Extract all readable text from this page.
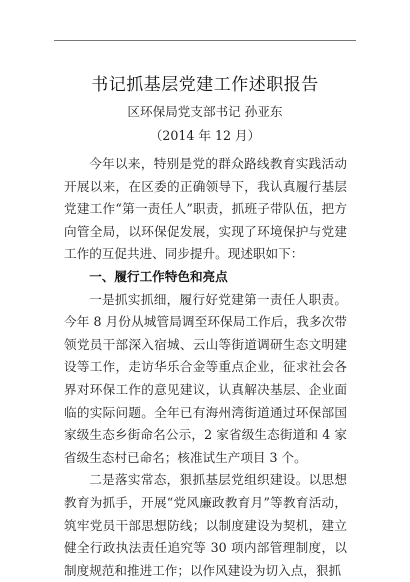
书记抓基层党建工作述职报告
区环保局党支部书记 孙亚东
（2014 年 12 月）

今年以来，特别是党的群众路线教育实践活动开展以来，在区委的正确领导下，我认真履行基层党建工作“第一责任人”职责，抓班子带队伍，把方向管全局，以环保促发展，实现了环境保护与党建工作的互促共进、同步提升。现述职如下：

一、履行工作特色和亮点

一是抓实抓细，履行好党建第一责任人职责。今年 8 月份从城管局调至环保局工作后，我多次带领党员干部深入宿城、云山等街道调研生态文明建设等工作，走访华乐合金等重点企业，征求社会各界对环保工作的意见建议，认真解决基层、企业面临的实际问题。全年已有海州湾街道通过环保部国家级生态乡街命名公示，2 家省级生态街道和 4 家省级生态村已命名；核准试生产项目 3 个。

二是落实常态，狠抓基层党组织建设。以思想教育为抓手，开展“党风廉政教育月”等教育活动，筑牢党员干部思想防线；以制度建设为契机，建立健全行政执法责任追究等 30 项内部管理制度，以制度规范和推进工作；以作风建设为切入点，狠抓
